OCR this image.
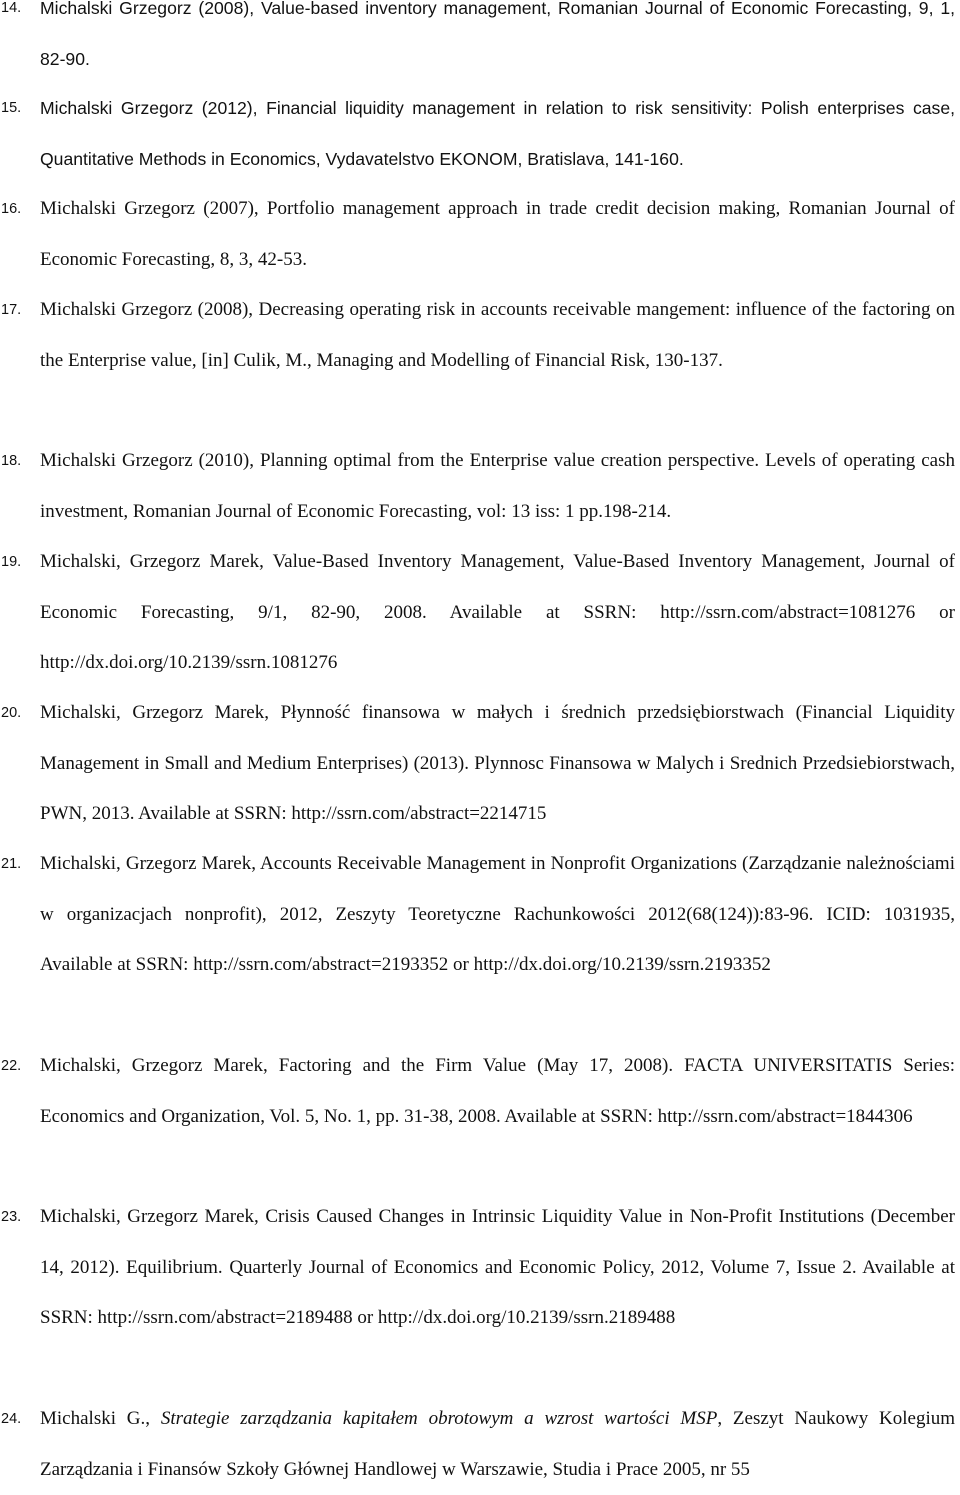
14. Michalski Grzegorz (2008), Value-based inventory management, Romanian Journal of Economic Forecasting, 9, 1, 82-90.
15. Michalski Grzegorz (2012), Financial liquidity management in relation to risk sensitivity: Polish enterprises case, Quantitative Methods in Economics, Vydavatelstvo EKONOM, Bratislava, 141-160.
16. Michalski Grzegorz (2007), Portfolio management approach in trade credit decision making, Romanian Journal of Economic Forecasting, 8, 3, 42-53.
17. Michalski Grzegorz (2008), Decreasing operating risk in accounts receivable mangement: influence of the factoring on the Enterprise value, [in] Culik, M., Managing and Modelling of Financial Risk, 130-137.
18. Michalski Grzegorz (2010), Planning optimal from the Enterprise value creation perspective. Levels of operating cash investment, Romanian Journal of Economic Forecasting, vol: 13 iss: 1 pp.198-214.
19. Michalski, Grzegorz Marek, Value-Based Inventory Management, Value-Based Inventory Management, Journal of Economic Forecasting, 9/1, 82-90, 2008. Available at SSRN: http://ssrn.com/abstract=1081276 or http://dx.doi.org/10.2139/ssrn.1081276
20. Michalski, Grzegorz Marek, Płynność finansowa w małych i średnich przedsiębiorstwach (Financial Liquidity Management in Small and Medium Enterprises) (2013). Plynnosc Finansowa w Malych i Srednich Przedsiebiorstwach, PWN, 2013. Available at SSRN: http://ssrn.com/abstract=2214715
21. Michalski, Grzegorz Marek, Accounts Receivable Management in Nonprofit Organizations (Zarządzanie należnościami w organizacjach nonprofit), 2012, Zeszyty Teoretyczne Rachunkowości 2012(68(124)):83-96. ICID: 1031935, Available at SSRN: http://ssrn.com/abstract=2193352 or http://dx.doi.org/10.2139/ssrn.2193352
22. Michalski, Grzegorz Marek, Factoring and the Firm Value (May 17, 2008). FACTA UNIVERSITATIS Series: Economics and Organization, Vol. 5, No. 1, pp. 31-38, 2008. Available at SSRN: http://ssrn.com/abstract=1844306
23. Michalski, Grzegorz Marek, Crisis Caused Changes in Intrinsic Liquidity Value in Non-Profit Institutions (December 14, 2012). Equilibrium. Quarterly Journal of Economics and Economic Policy, 2012, Volume 7, Issue 2. Available at SSRN: http://ssrn.com/abstract=2189488 or http://dx.doi.org/10.2139/ssrn.2189488
24. Michalski G., Strategie zarządzania kapitałem obrotowym a wzrost wartości MSP, Zeszyt Naukowy Kolegium Zarządzania i Finansów Szkoły Głównej Handlowej w Warszawie, Studia i Prace 2005, nr 55
